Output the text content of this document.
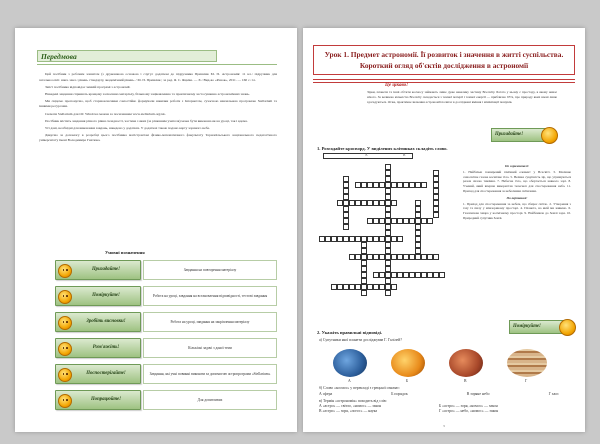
Передмова

Цей посібник з робочим зошитом (з друкованою основою і слугує додатком до підручника Пришляк М. П. Астрономія: 11 кл.: підручник для загальноосвіт. навч. закл.: рівень стандарту, академічний рівень. / М. П. Пришляк ; за ред. Я. С. Яцківа. — Х.: Вид-во «Ранок», 2011. — 160 с.: іл.

Зміст посібника відповідає чинній програмі з астрономії.

Наведені завдання сприяють кращому засвоєнню матеріалу, більшому зацікавленню та практичному застосуванню астрономічних знань.

Ми свідомо пропонуємо, щоб старшокласники самостійно формували навички роботи з Інтернетом, сучасною навчальною програмою Stellarium та іншими ресурсами.

Скачати Stellarium для ОС Windows можна за посиланням www.stellarium.org/uk.

Посібник містить завдання різного рівня складності, частина з яких (за рішенням учителя) може бути виконана як на уроці, так і вдома.

Усі дані, необхідні для виконання завдань, наведено у додатках. У додатках також подано карту зоряного неба.

Дякуємо за допомогу в розробці цього посібника магістрантам фізико-математичного факультету Тернопільського національного педагогічного університету імені Володимира Гнатюка.

Умовні позначення
Пригадайте!	Завдання на повторення матеріалу
Поміркуйте!	Робота на уроці, завдання на встановлення відповідності, тестові завдання
Зробіть висновки!	Робота на уроці, завдання на закріплення матеріалу
Розв'яжіть!	Кількісні задачі з даної теми
Поспостерігайте!	Завдання, які учні повинні виконати за допомогою астропрограми «Stellarium»
Попрацюйте!	Для допитливих
Урок 1. Предмет астрономії. Її розвиток і значення в житті суспільства. Короткий огляд об'єктів дослідження в астрономії
Це цікаво!
Зірки, планети та інші об'єкти космосу займають лише дуже невелику частину Всесвіту. Багато у ньому є простору, в якому немає нічого. За великою кількістю Всесвіту складається з темної матерії і темної енергії — приблизно 95%, про природу яких вчені лише здогадуються. Отже, практичне значення астрономії полягає в досліджені вміння і мінімізації пошуків.
Пригадайте!
1. Розгадайте кросворд. У виділених клітинках складіть слово.
А	В
По горизонталі:
1. Найбільш поширений хімічний елемент у Всесвіті. 3. Масивне самосвітне газове космічне тіло. 5. Велика сукупність зір, що утримуються разом силою тяжіння. 7. Небесне тіло, що обертається навколо зорі. 8. Учений, який вперше використав телескоп для спостереження неба. 11. Прилад для спостереження за небесними світилами.
По вертикалі:
1. Прилад для спостереження за небом, що збирає світло. 2. Утворення з газу та пилу у міжзоряному просторі. 4. Планета, на якій ми живемо. 6. Газопилова хмара у космічному просторі. 9. Найближча до Землі зоря. 10. Природний супутник Землі.
Поміркуйте!
2. Укажіть правильні відповіді.
а) Супутники якої планети досліджував Г. Галілей?
А	Б	В	Г
б) Слово «космос» у перекладі з грецької означає:
А сфера	Б порядок	В зоряне небо	Г хаос
в) Термін «астрономія» походить від слів:
А «астро» — світло, «номос» — закон	Б «астро» — зоря, «номос» — закон
В «астро» — зоря, «логос» — наука	Г «астро» — небо, «номос» — закон
3
